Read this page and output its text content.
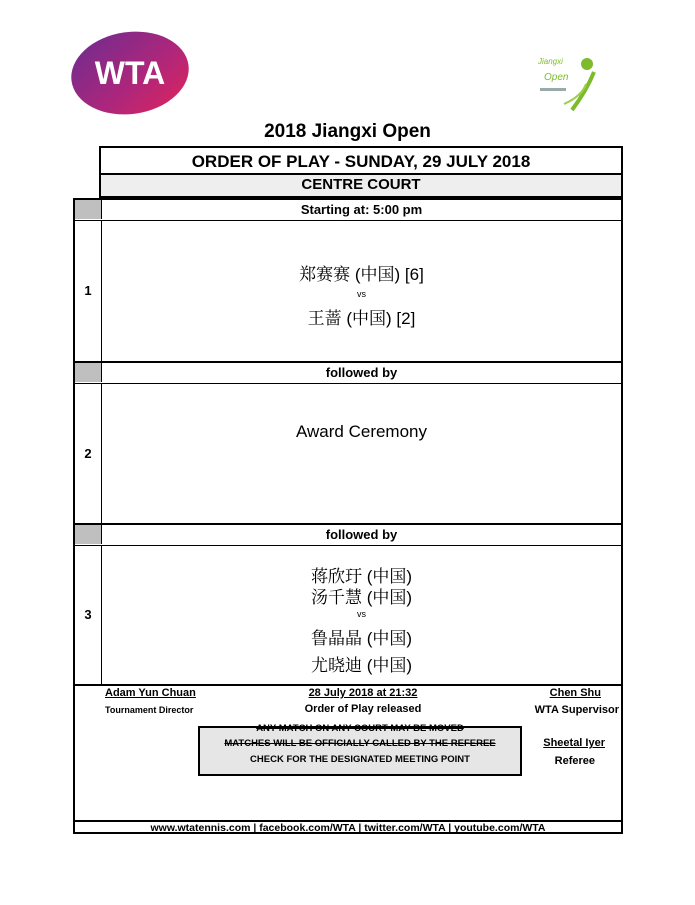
WTA	Jiangxi
Open
2018 Jiangxi Open
ORDER OF PLAY - SUNDAY, 29 JULY 2018
CENTRE COURT
Starting at: 5:00 pm
1
郑赛赛 (中国) [6]
vs
王蔷 (中国) [2]
followed by
2
Award Ceremony
followed by
3
蒋欣玗 (中国)
汤千慧 (中国)
vs
鲁晶晶 (中国)
尤晓迪 (中国)
Adam Yun Chuan
Tournament Director
28 July 2018 at 21:32
Order of Play released
Chen Shu
WTA Supervisor
Sheetal Iyer
Referee
ANY MATCH ON ANY COURT MAY BE MOVED
MATCHES WILL BE OFFICIALLY CALLED BY THE REFEREE
CHECK FOR THE DESIGNATED MEETING POINT
www.wtatennis.com | facebook.com/WTA | twitter.com/WTA | youtube.com/WTA
